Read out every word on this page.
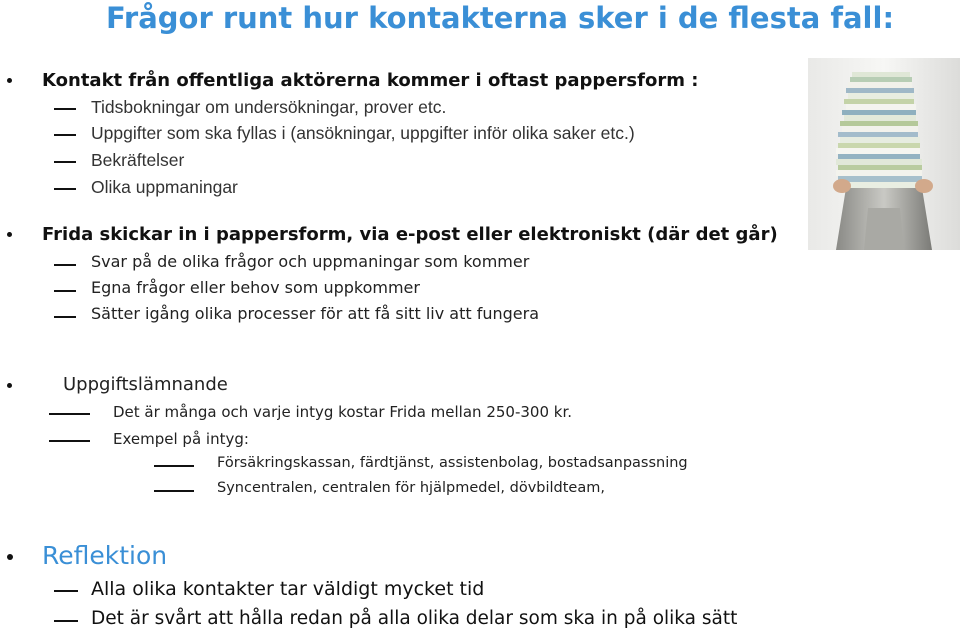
Frågor runt hur kontakterna sker i de flesta fall:
Kontakt från offentliga aktörerna kommer i oftast pappersform :
Tidsbokningar om undersökningar, prover etc.
Uppgifter som ska fyllas i (ansökningar, uppgifter inför olika saker etc.)
Bekräftelser
Olika uppmaningar
Frida skickar in i pappersform, via e-post eller elektroniskt (där det går)
Svar på de olika frågor och uppmaningar som kommer
Egna frågor eller behov som uppkommer
Sätter igång olika processer för att få sitt liv att fungera
Uppgiftslämnande
Det är många och varje intyg kostar Frida mellan 250-300 kr.
Exempel på intyg:
Försäkringskassan, färdtjänst, assistenbolag, bostadsanpassning
Syncentralen, centralen för hjälpmedel, dövbildteam,
Reflektion
Alla olika kontakter tar väldigt mycket tid
Det är svårt att hålla redan på alla olika delar som ska in på olika sätt
